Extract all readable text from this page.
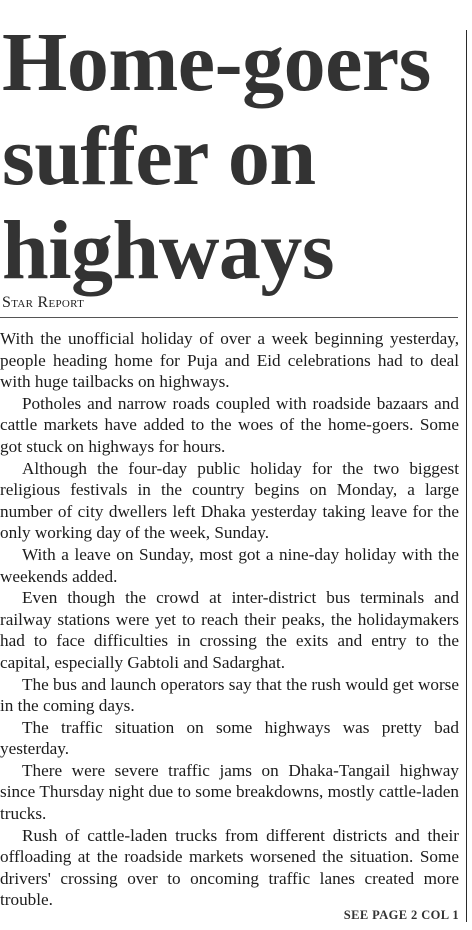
Home-goers
suffer on
highways
Star Report

With the unofficial holiday of over a week beginning yesterday, people heading home for Puja and Eid celebrations had to deal with huge tailbacks on highways.

Potholes and narrow roads coupled with roadside bazaars and cattle markets have added to the woes of the home-goers. Some got stuck on highways for hours.

Although the four-day public holiday for the two biggest religious festivals in the country begins on Monday, a large number of city dwellers left Dhaka yesterday taking leave for the only working day of the week, Sunday.

With a leave on Sunday, most got a nine-day holiday with the weekends added.

Even though the crowd at inter-district bus terminals and railway stations were yet to reach their peaks, the holidaymakers had to face difficulties in crossing the exits and entry to the capital, especially Gabtoli and Sadarghat.

The bus and launch operators say that the rush would get worse in the coming days.

The traffic situation on some highways was pretty bad yesterday.

There were severe traffic jams on Dhaka-Tangail highway since Thursday night due to some breakdowns, mostly cattle-laden trucks.

Rush of cattle-laden trucks from different districts and their offloading at the roadside markets worsened the situation. Some drivers' crossing over to oncoming traffic lanes created more trouble.

SEE PAGE 2 COL 1
